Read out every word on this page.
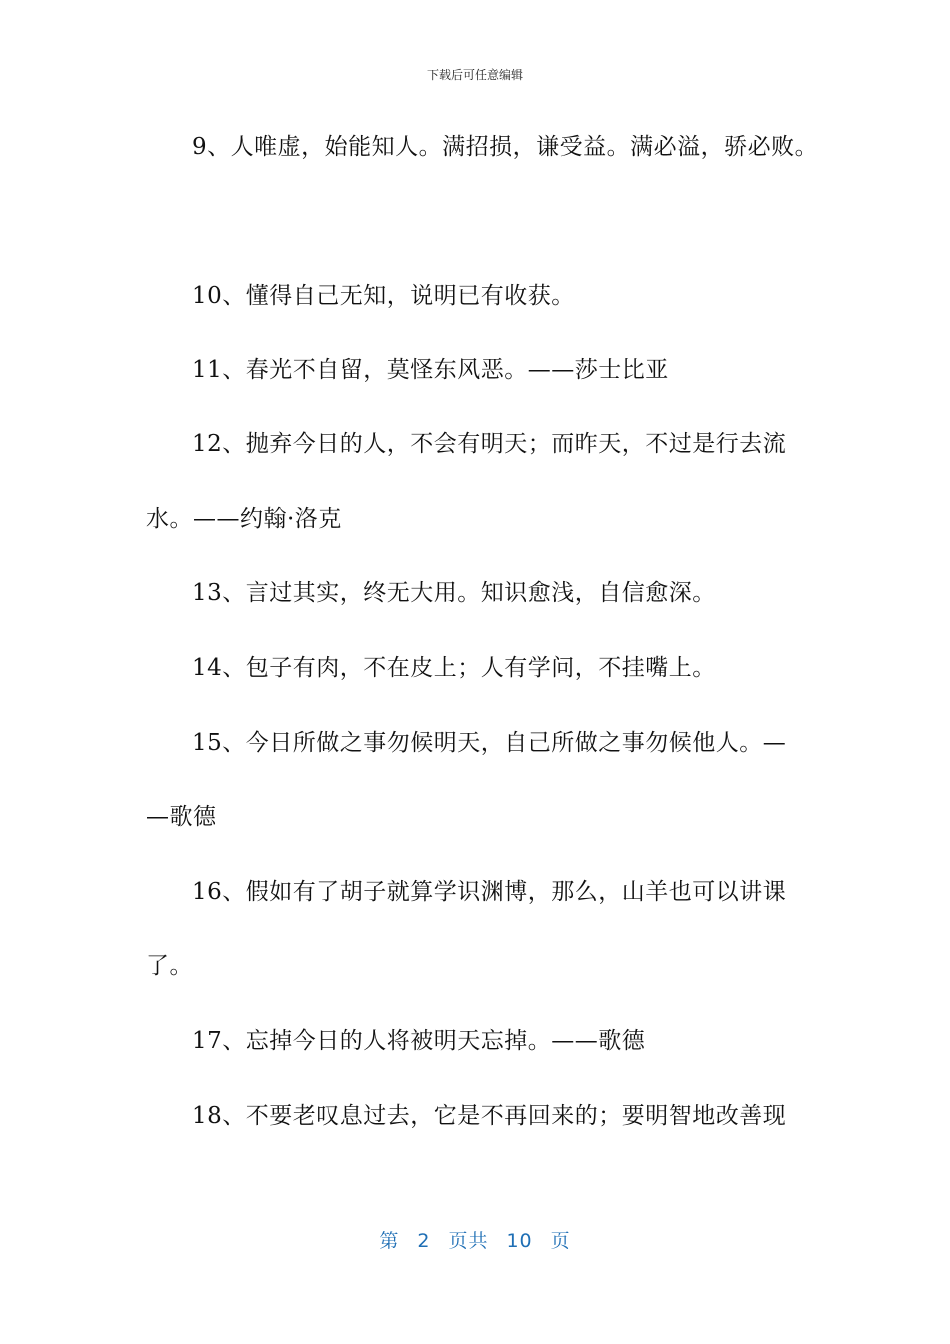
下载后可任意编辑
9、人唯虚，始能知人。满招损，谦受益。满必溢，骄必败。
10、懂得自己无知，说明已有收获。
11、春光不自留，莫怪东风恶。——莎士比亚
12、抛弃今日的人，不会有明天；而昨天，不过是行去流
水。——约翰·洛克
13、言过其实，终无大用。知识愈浅，自信愈深。
14、包子有肉，不在皮上；人有学问，不挂嘴上。
15、今日所做之事勿候明天，自己所做之事勿候他人。—
—歌德
16、假如有了胡子就算学识渊博，那么，山羊也可以讲课
了。
17、忘掉今日的人将被明天忘掉。——歌德
18、不要老叹息过去，它是不再回来的；要明智地改善现
第 2 页共 10 页
